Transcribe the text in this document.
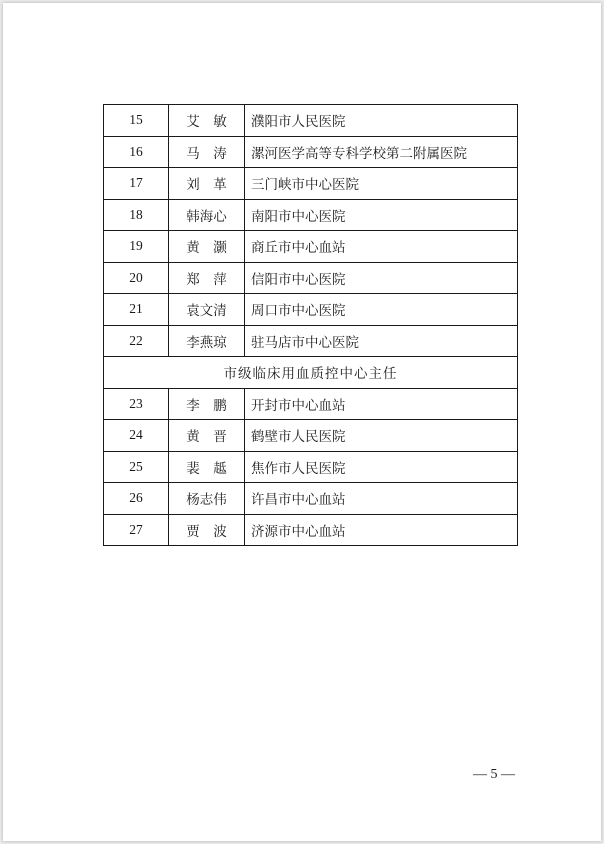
15	艾　敏	濮阳市人民医院
16	马　涛	漯河医学高等专科学校第二附属医院
17	刘　革	三门峡市中心医院
18	韩海心	南阳市中心医院
19	黄　灏	商丘市中心血站
20	郑　萍	信阳市中心医院
21	袁文清	周口市中心医院
22	李燕琼	驻马店市中心医院
市级临床用血质控中心主任		
23	李　鹏	开封市中心血站
24	黄　晋	鹤壁市人民医院
25	裴　趆	焦作市人民医院
26	杨志伟	许昌市中心血站
27	贾　波	济源市中心血站
— 5 —
